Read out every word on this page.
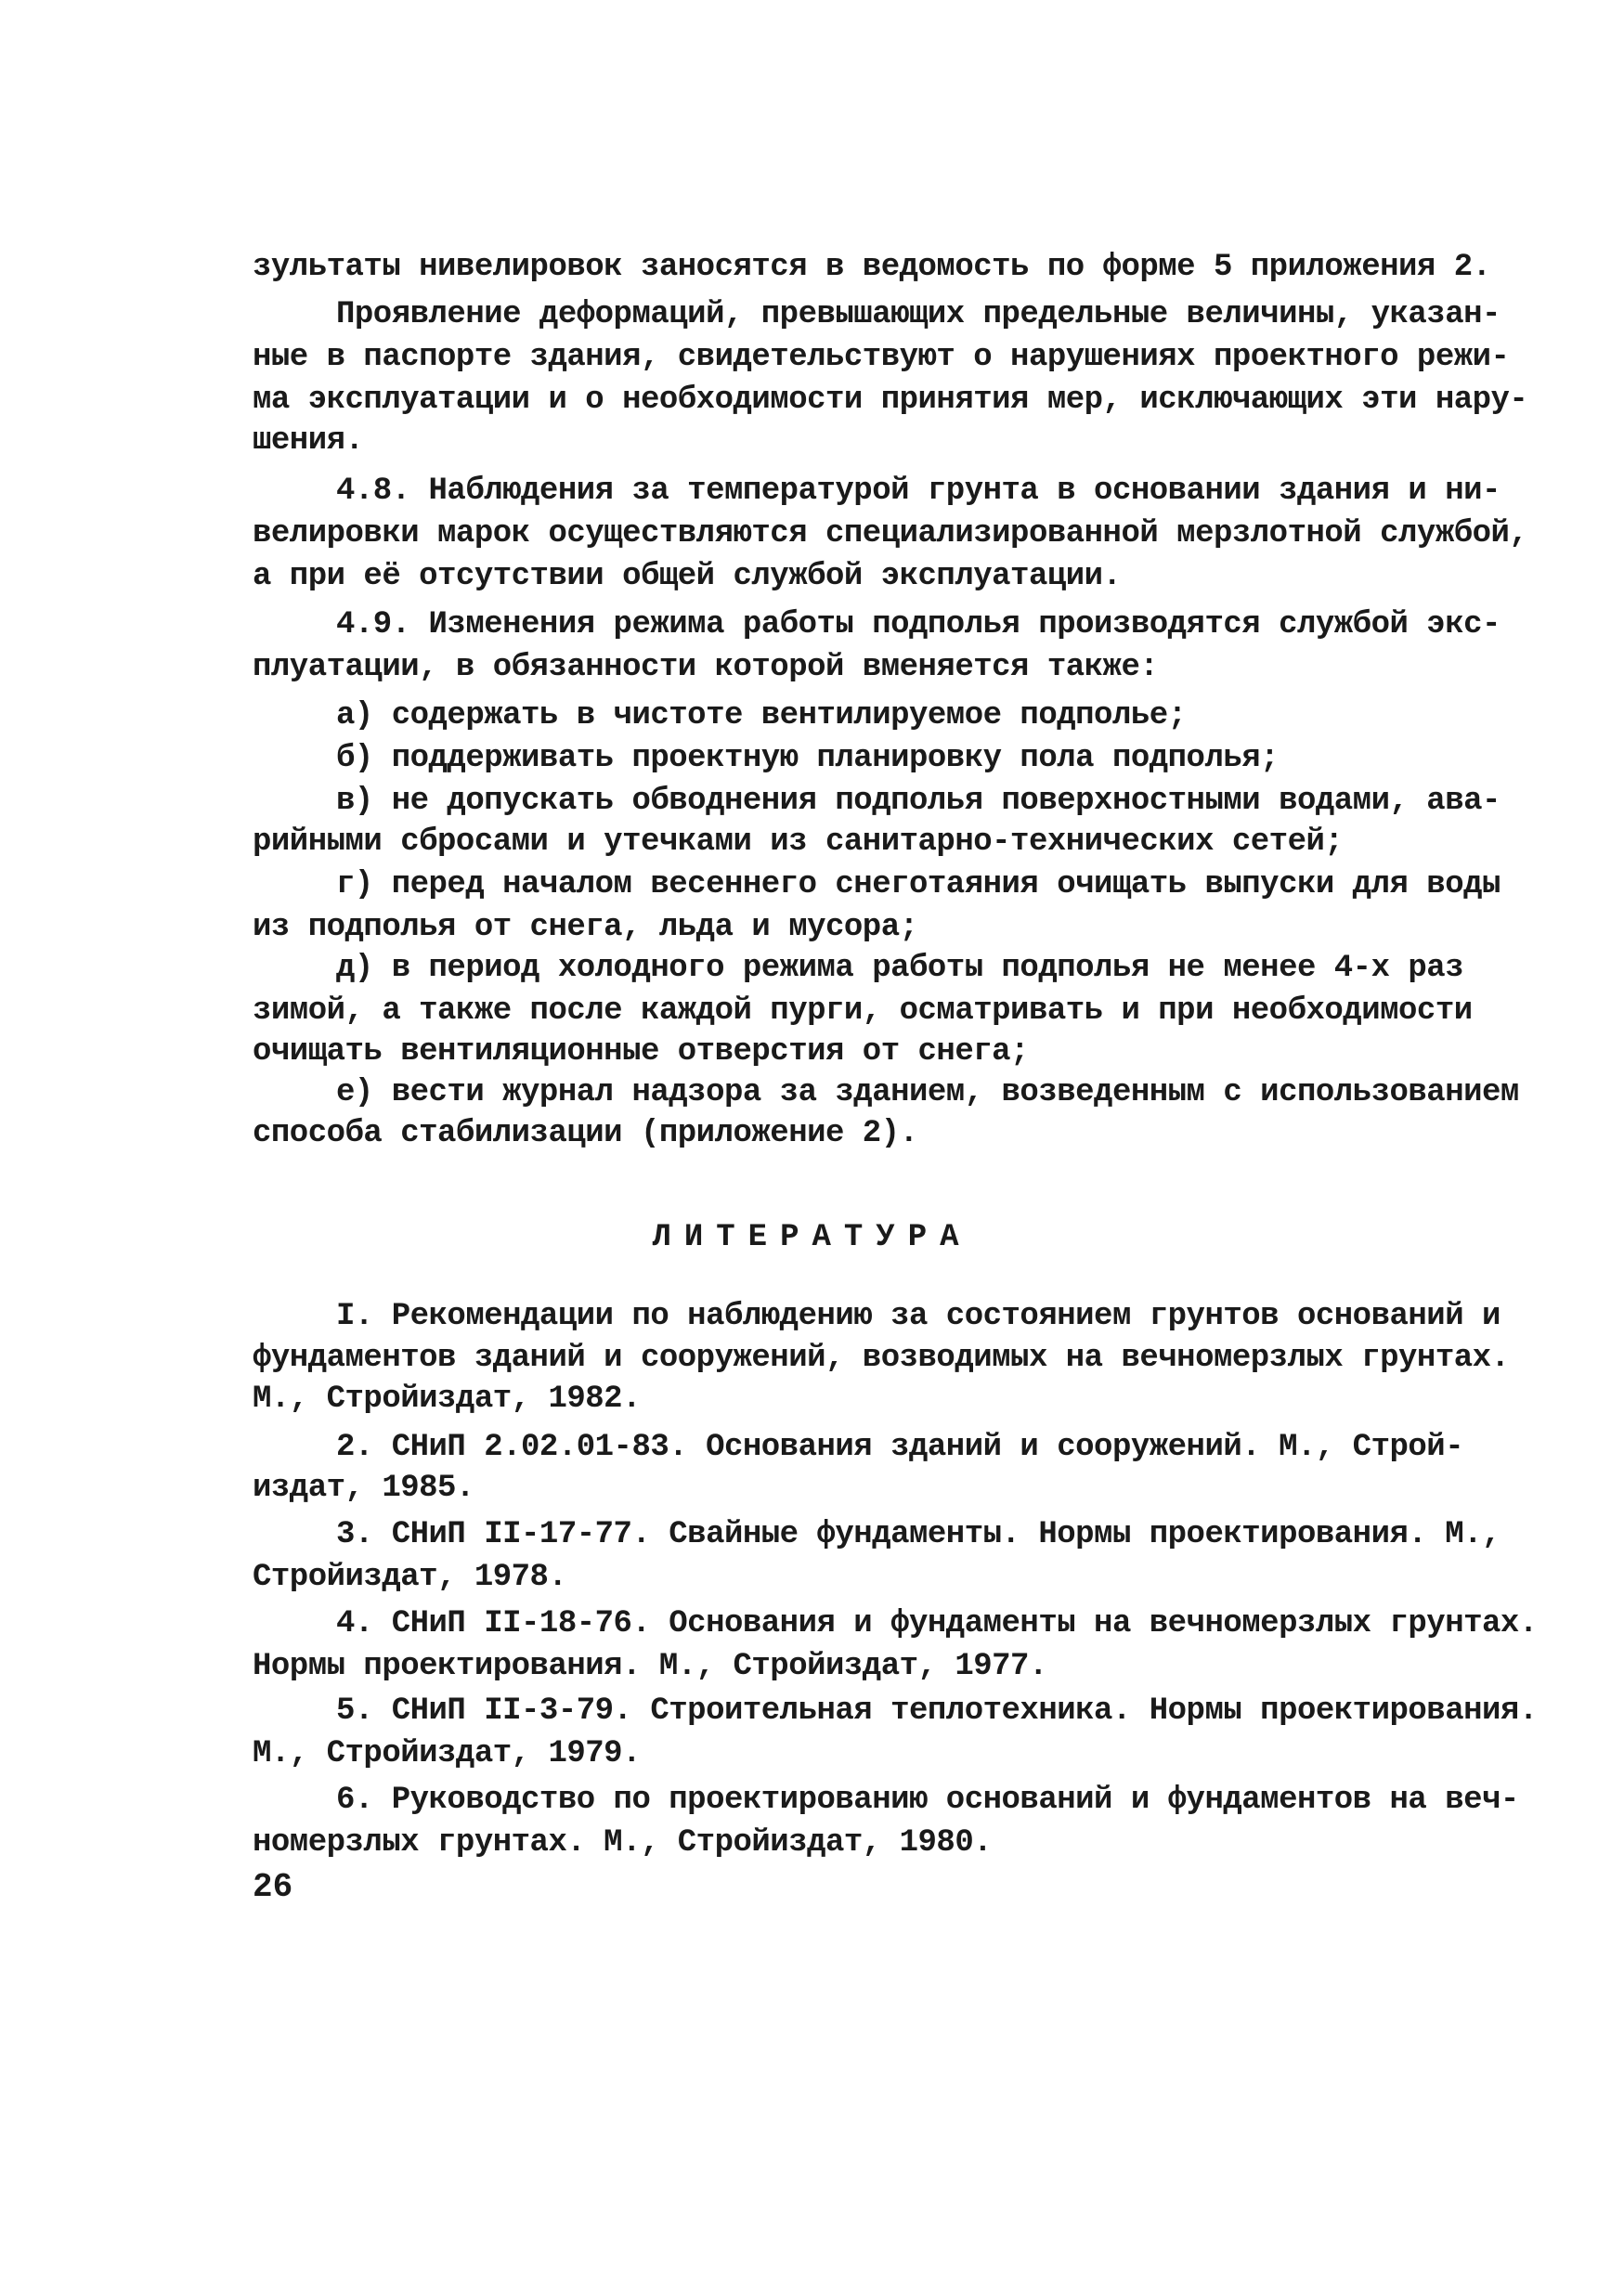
зультаты нивелировок заносятся в ведомость по форме 5 приложения 2.
Проявление деформаций, превышающих предельные величины, указан-
ные в паспорте здания, свидетельствуют о нарушениях проектного режи-
ма эксплуатации и о необходимости принятия мер, исключающих эти нару-
шения.
4.8. Наблюдения за температурой грунта в основании здания и ни-
велировки марок осуществляются специализированной мерзлотной службой,
а при её отсутствии общей службой эксплуатации.
4.9. Изменения режима работы подполья производятся службой экс-
плуатации, в обязанности которой вменяется также:
а) содержать в чистоте вентилируемое подполье;
б) поддерживать проектную планировку пола подполья;
в) не допускать обводнения подполья поверхностными водами, ава-
рийными сбросами и утечками из санитарно-технических сетей;
г) перед началом весеннего снеготаяния очищать выпуски для воды
из подполья от снега, льда и мусора;
д) в период холодного режима работы подполья не менее 4-х раз
зимой, а также после каждой пурги, осматривать и при необходимости
очищать вентиляционные отверстия от снега;
е) вести журнал надзора за зданием, возведенным с использованием
способа стабилизации (приложение 2).
ЛИТЕРАТУРА
I. Рекомендации по наблюдению за состоянием грунтов оснований и
фундаментов зданий и сооружений, возводимых на вечномерзлых грунтах.
М., Стройиздат, 1982.
2. СНиП 2.02.01-83. Основания зданий и сооружений. М., Строй-
издат, 1985.
3. СНиП II-17-77. Свайные фундаменты. Нормы проектирования. М.,
Стройиздат, 1978.
4. СНиП II-18-76. Основания и фундаменты на вечномерзлых грунтах.
Нормы проектирования. М., Стройиздат, 1977.
5. СНиП II-3-79. Строительная теплотехника. Нормы проектирования.
М., Стройиздат, 1979.
6. Руководство по проектированию оснований и фундаментов на веч-
номерзлых грунтах. М., Стройиздат, 1980.
26
